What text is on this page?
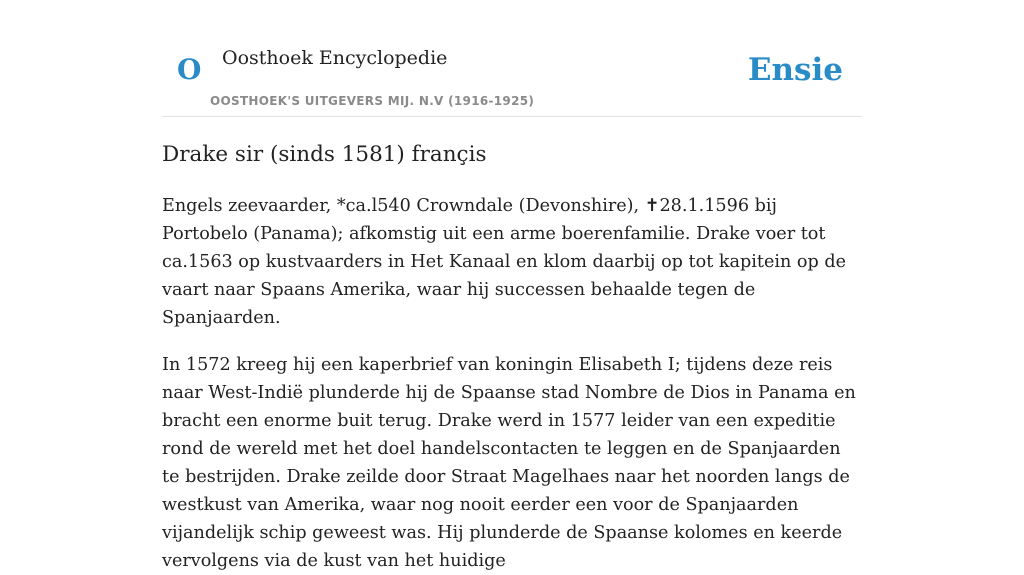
O Oosthoek Encyclopedie
OOSTHOEK'S UITGEVERS MIJ. N.V (1916-1925)
Ensie
Drake sir (sinds 1581) françis

Engels zeevaarder, *ca.l540 Crowndale (Devonshire), ✝28.1.1596 bij Portobelo (Panama); afkomstig uit een arme boerenfamilie. Drake voer tot ca.1563 op kustvaarders in Het Kanaal en klom daarbij op tot kapitein op de vaart naar Spaans Amerika, waar hij successen behaalde tegen de Spanjaarden.

In 1572 kreeg hij een kaperbrief van koningin Elisabeth I; tijdens deze reis naar West-Indië plunderde hij de Spaanse stad Nombre de Dios in Panama en bracht een enorme buit terug. Drake werd in 1577 leider van een expeditie rond de wereld met het doel handelscontacten te leggen en de Spanjaarden te bestrijden. Drake zeilde door Straat Magelhaes naar het noorden langs de westkust van Amerika, waar nog nooit eerder een voor de Spanjaarden vijandelijk schip geweest was. Hij plunderde de Spaanse kolomes en keerde vervolgens via de kust van het huidige
